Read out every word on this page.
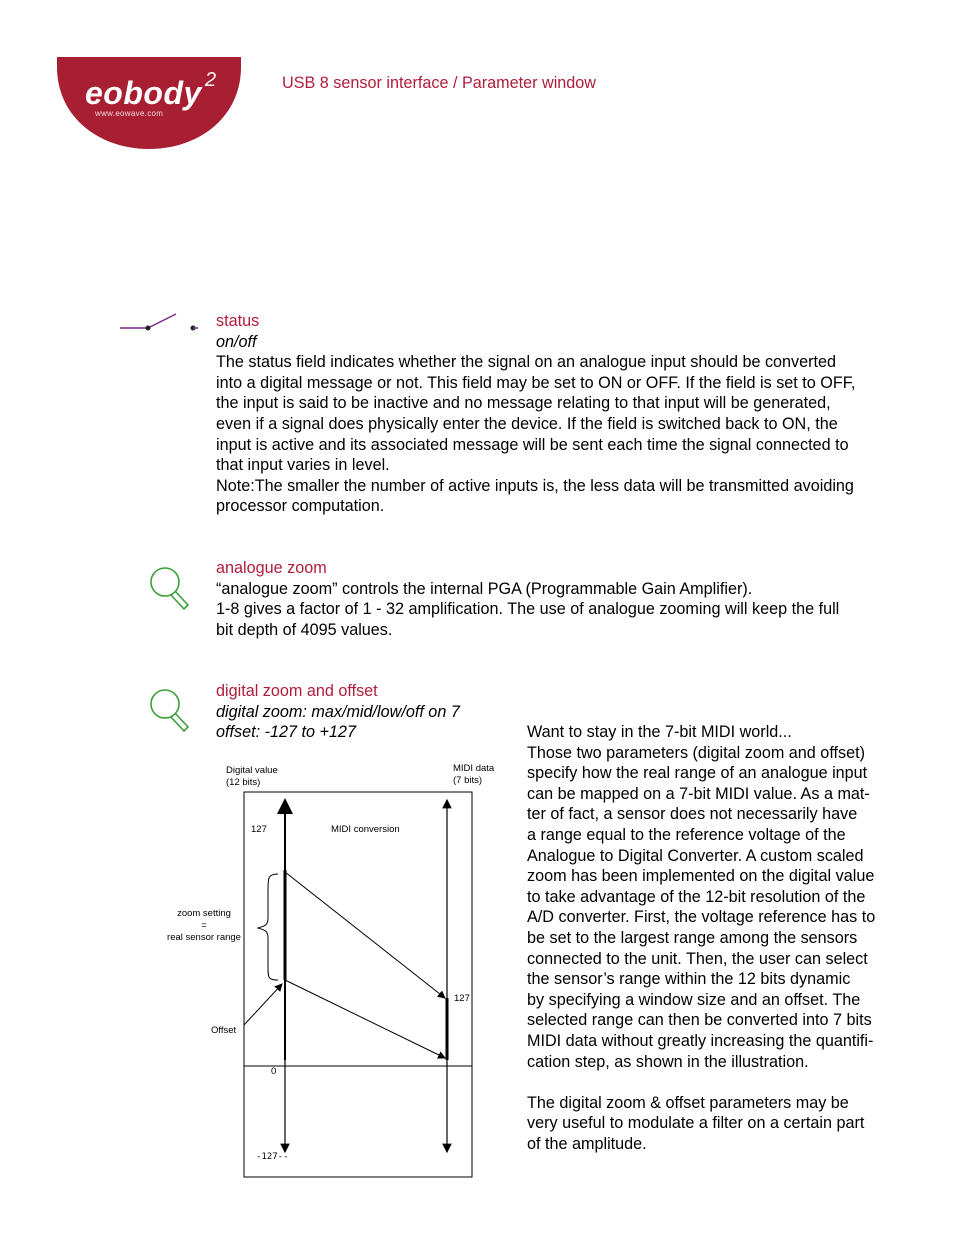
eobody 2
www.eowave.com
USB 8 sensor interface / Parameter window
status
on/off
The status field indicates whether the signal on an analogue input should be converted
into a digital message or not. This field may be set to ON or OFF. If the field is set to OFF,
the input is said to be inactive and no message relating to that input will be generated,
even if a signal does physically enter the device. If the field is switched back to ON, the
input is active and its associated message will be sent each time the signal connected to
that input varies in level.
Note:The smaller the number of active inputs is, the less data will be transmitted avoiding
processor computation.
analogue zoom
“analogue zoom” controls the internal PGA (Programmable Gain Amplifier).
1-8 gives a factor of 1 - 32 amplification. The use of analogue zooming will keep the full
bit depth of 4095 values.
digital zoom and offset
digital zoom: max/mid/low/off on 7
offset: -127 to +127	Want to stay in the 7-bit MIDI world...
Those two parameters (digital zoom and offset)
specify how the real range of an analogue input
can be mapped on a 7-bit MIDI value. As a mat-
ter of fact, a sensor does not necessarily have
a range equal to the reference voltage of the
Analogue to Digital Converter. A custom scaled
zoom has been implemented on the digital value
to take advantage of the 12-bit resolution of the
A/D converter. First, the voltage reference has to
be set to the largest range among the sensors
connected to the unit. Then, the user can select
the sensor’s range within the 12 bits dynamic
by specifying a window size and an offset. The
selected range can then be converted into 7 bits
MIDI data without greatly increasing the quantifi-
cation step, as shown in the illustration.
The digital zoom & offset parameters may be
very useful to modulate a filter on a certain part
of the amplitude.
Digital value
(12 bits)
MIDI data
(7 bits)
127	MIDI conversion
127
zoom setting
=
real sensor range
Offset
0
-127--
